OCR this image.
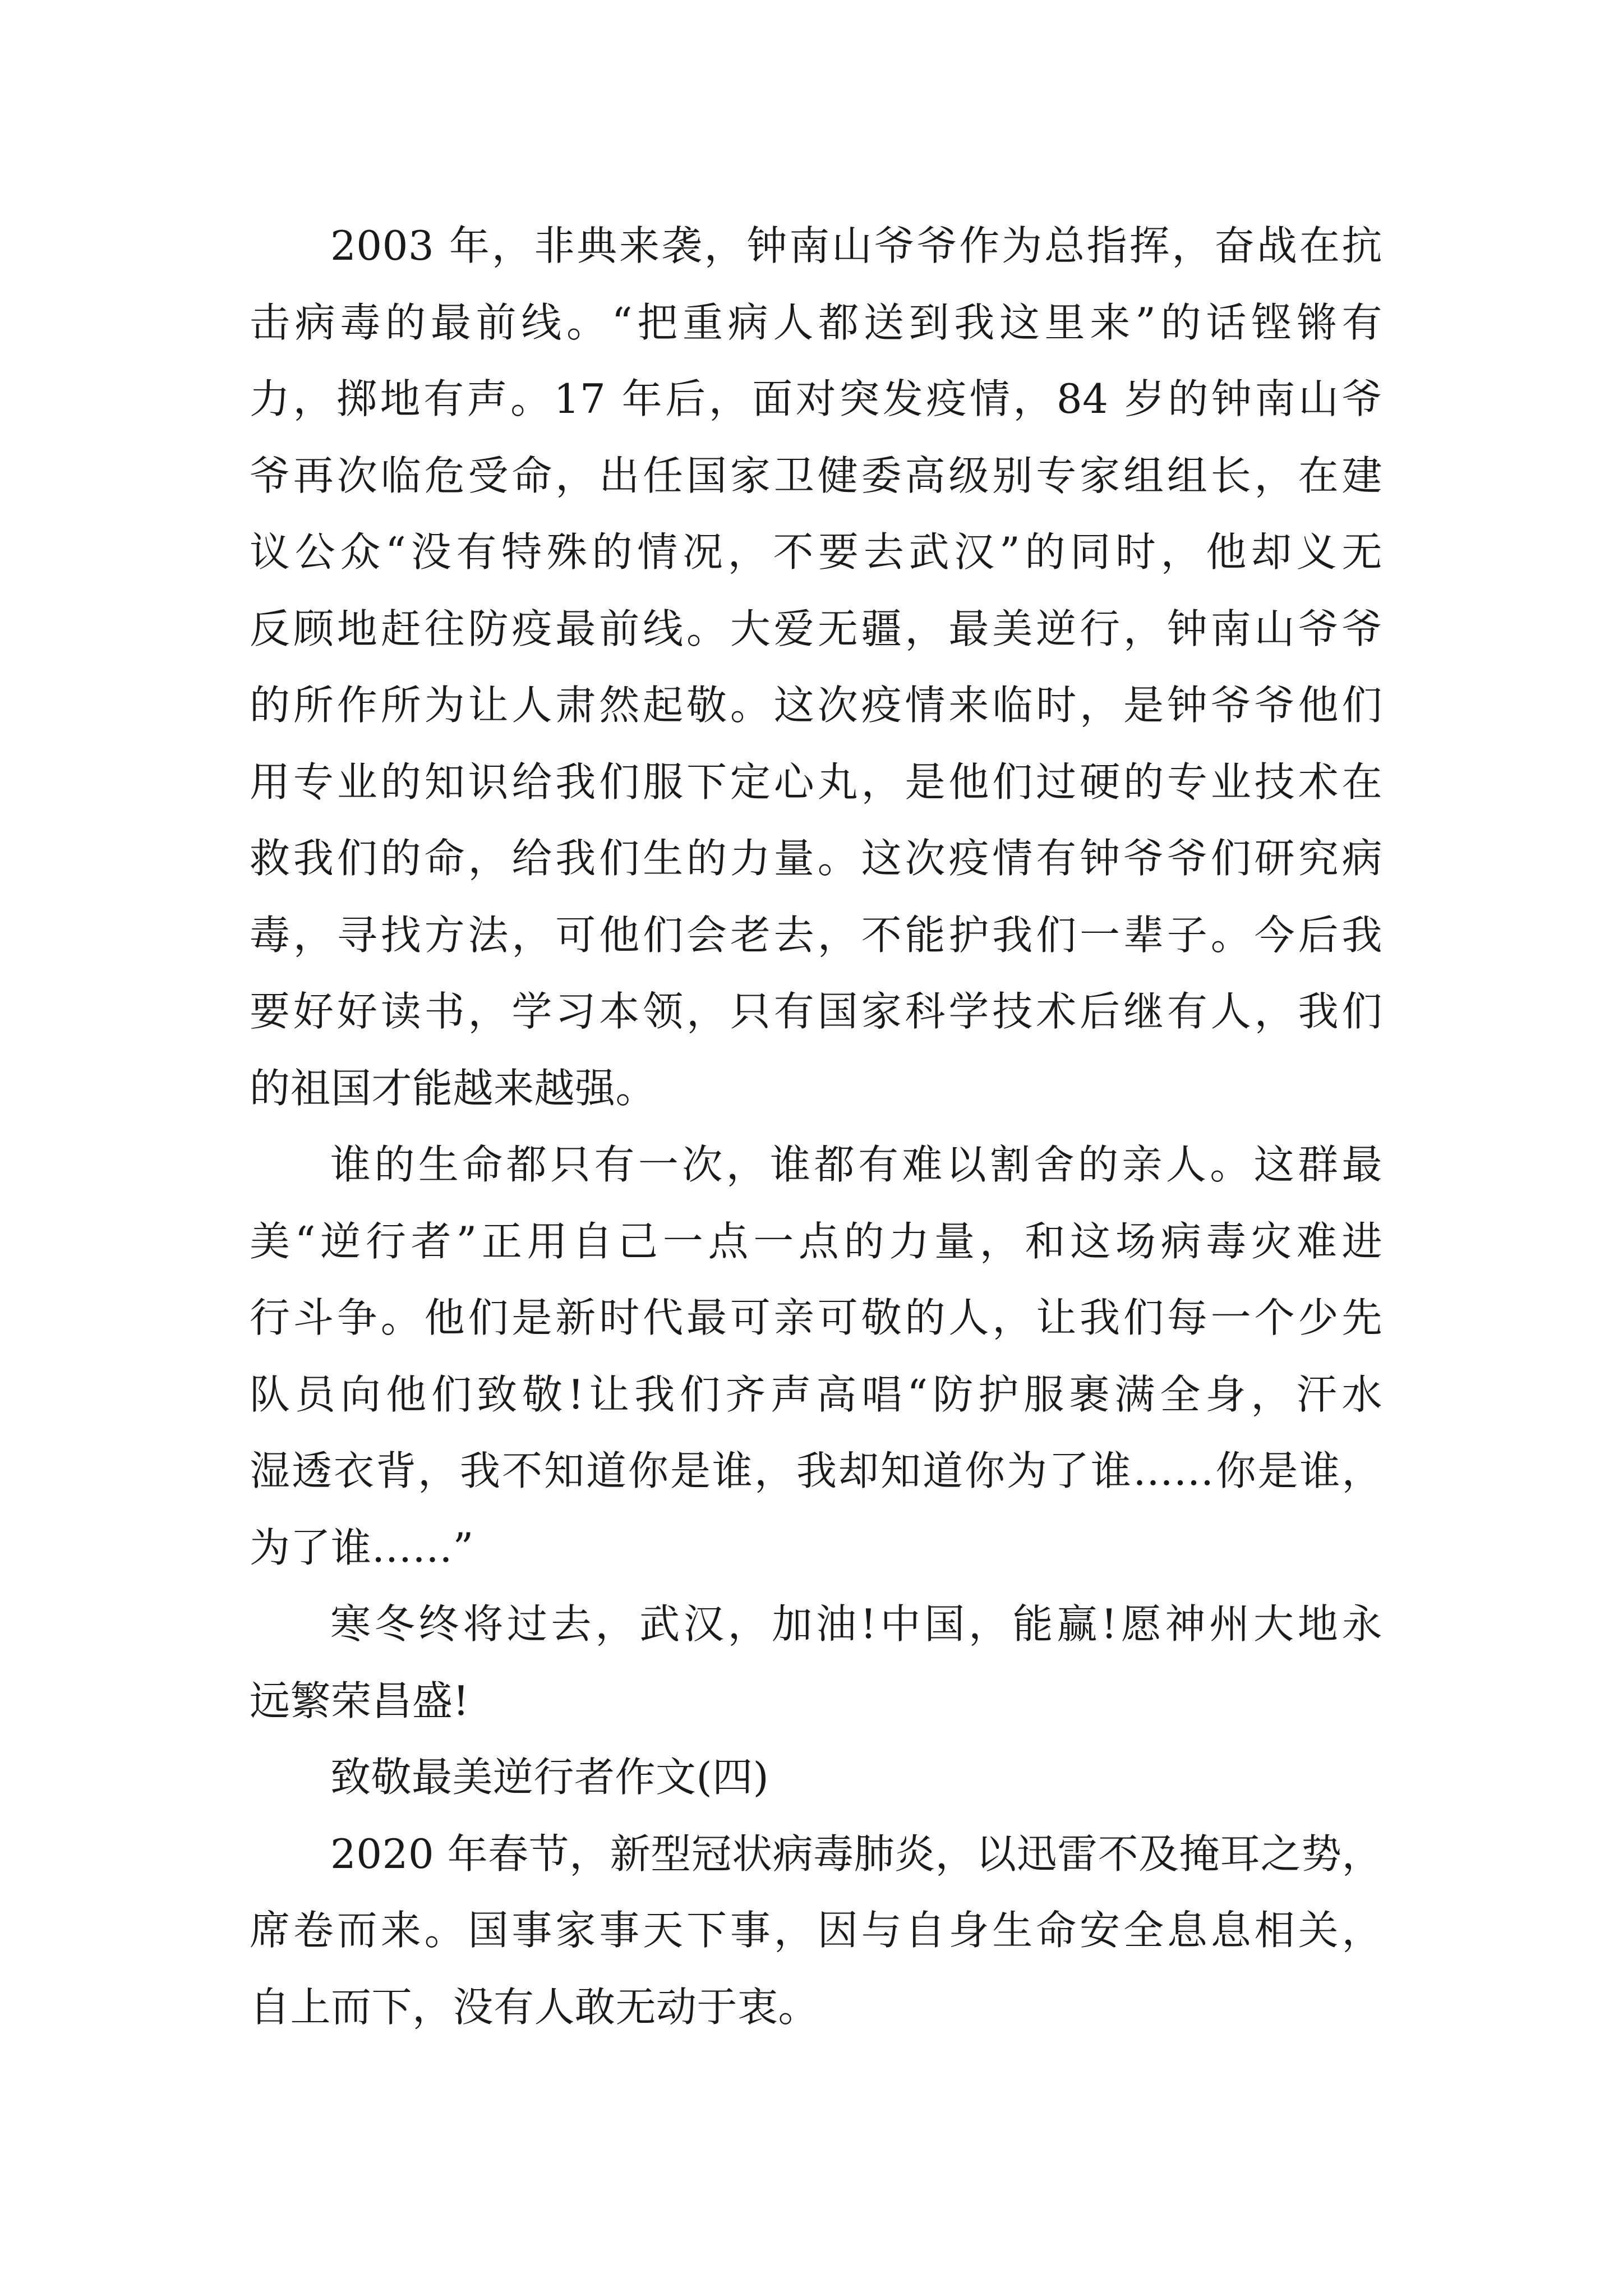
2003 年，非典来袭，钟南山爷爷作为总指挥，奋战在抗
击病毒的最前线。“把重病人都送到我这里来”的话铿锵有
力，掷地有声。17 年后，面对突发疫情，84 岁的钟南山爷
爷再次临危受命，出任国家卫健委高级别专家组组长，在建
议公众“没有特殊的情况，不要去武汉”的同时，他却义无
反顾地赶往防疫最前线。大爱无疆，最美逆行，钟南山爷爷
的所作所为让人肃然起敬。这次疫情来临时，是钟爷爷他们
用专业的知识给我们服下定心丸，是他们过硬的专业技术在
救我们的命，给我们生的力量。这次疫情有钟爷爷们研究病
毒，寻找方法，可他们会老去，不能护我们一辈子。今后我
要好好读书，学习本领，只有国家科学技术后继有人，我们
的祖国才能越来越强。
谁的生命都只有一次，谁都有难以割舍的亲人。这群最
美“逆行者”正用自己一点一点的力量，和这场病毒灾难进
行斗争。他们是新时代最可亲可敬的人，让我们每一个少先
队员向他们致敬!让我们齐声高唱“防护服裹满全身，汗水
湿透衣背，我不知道你是谁，我却知道你为了谁……你是谁，
为了谁……”
寒冬终将过去，武汉，加油!中国，能赢!愿神州大地永
远繁荣昌盛!
致敬最美逆行者作文(四)
2020 年春节，新型冠状病毒肺炎，以迅雷不及掩耳之势，
席卷而来。国事家事天下事，因与自身生命安全息息相关，
自上而下，没有人敢无动于衷。
